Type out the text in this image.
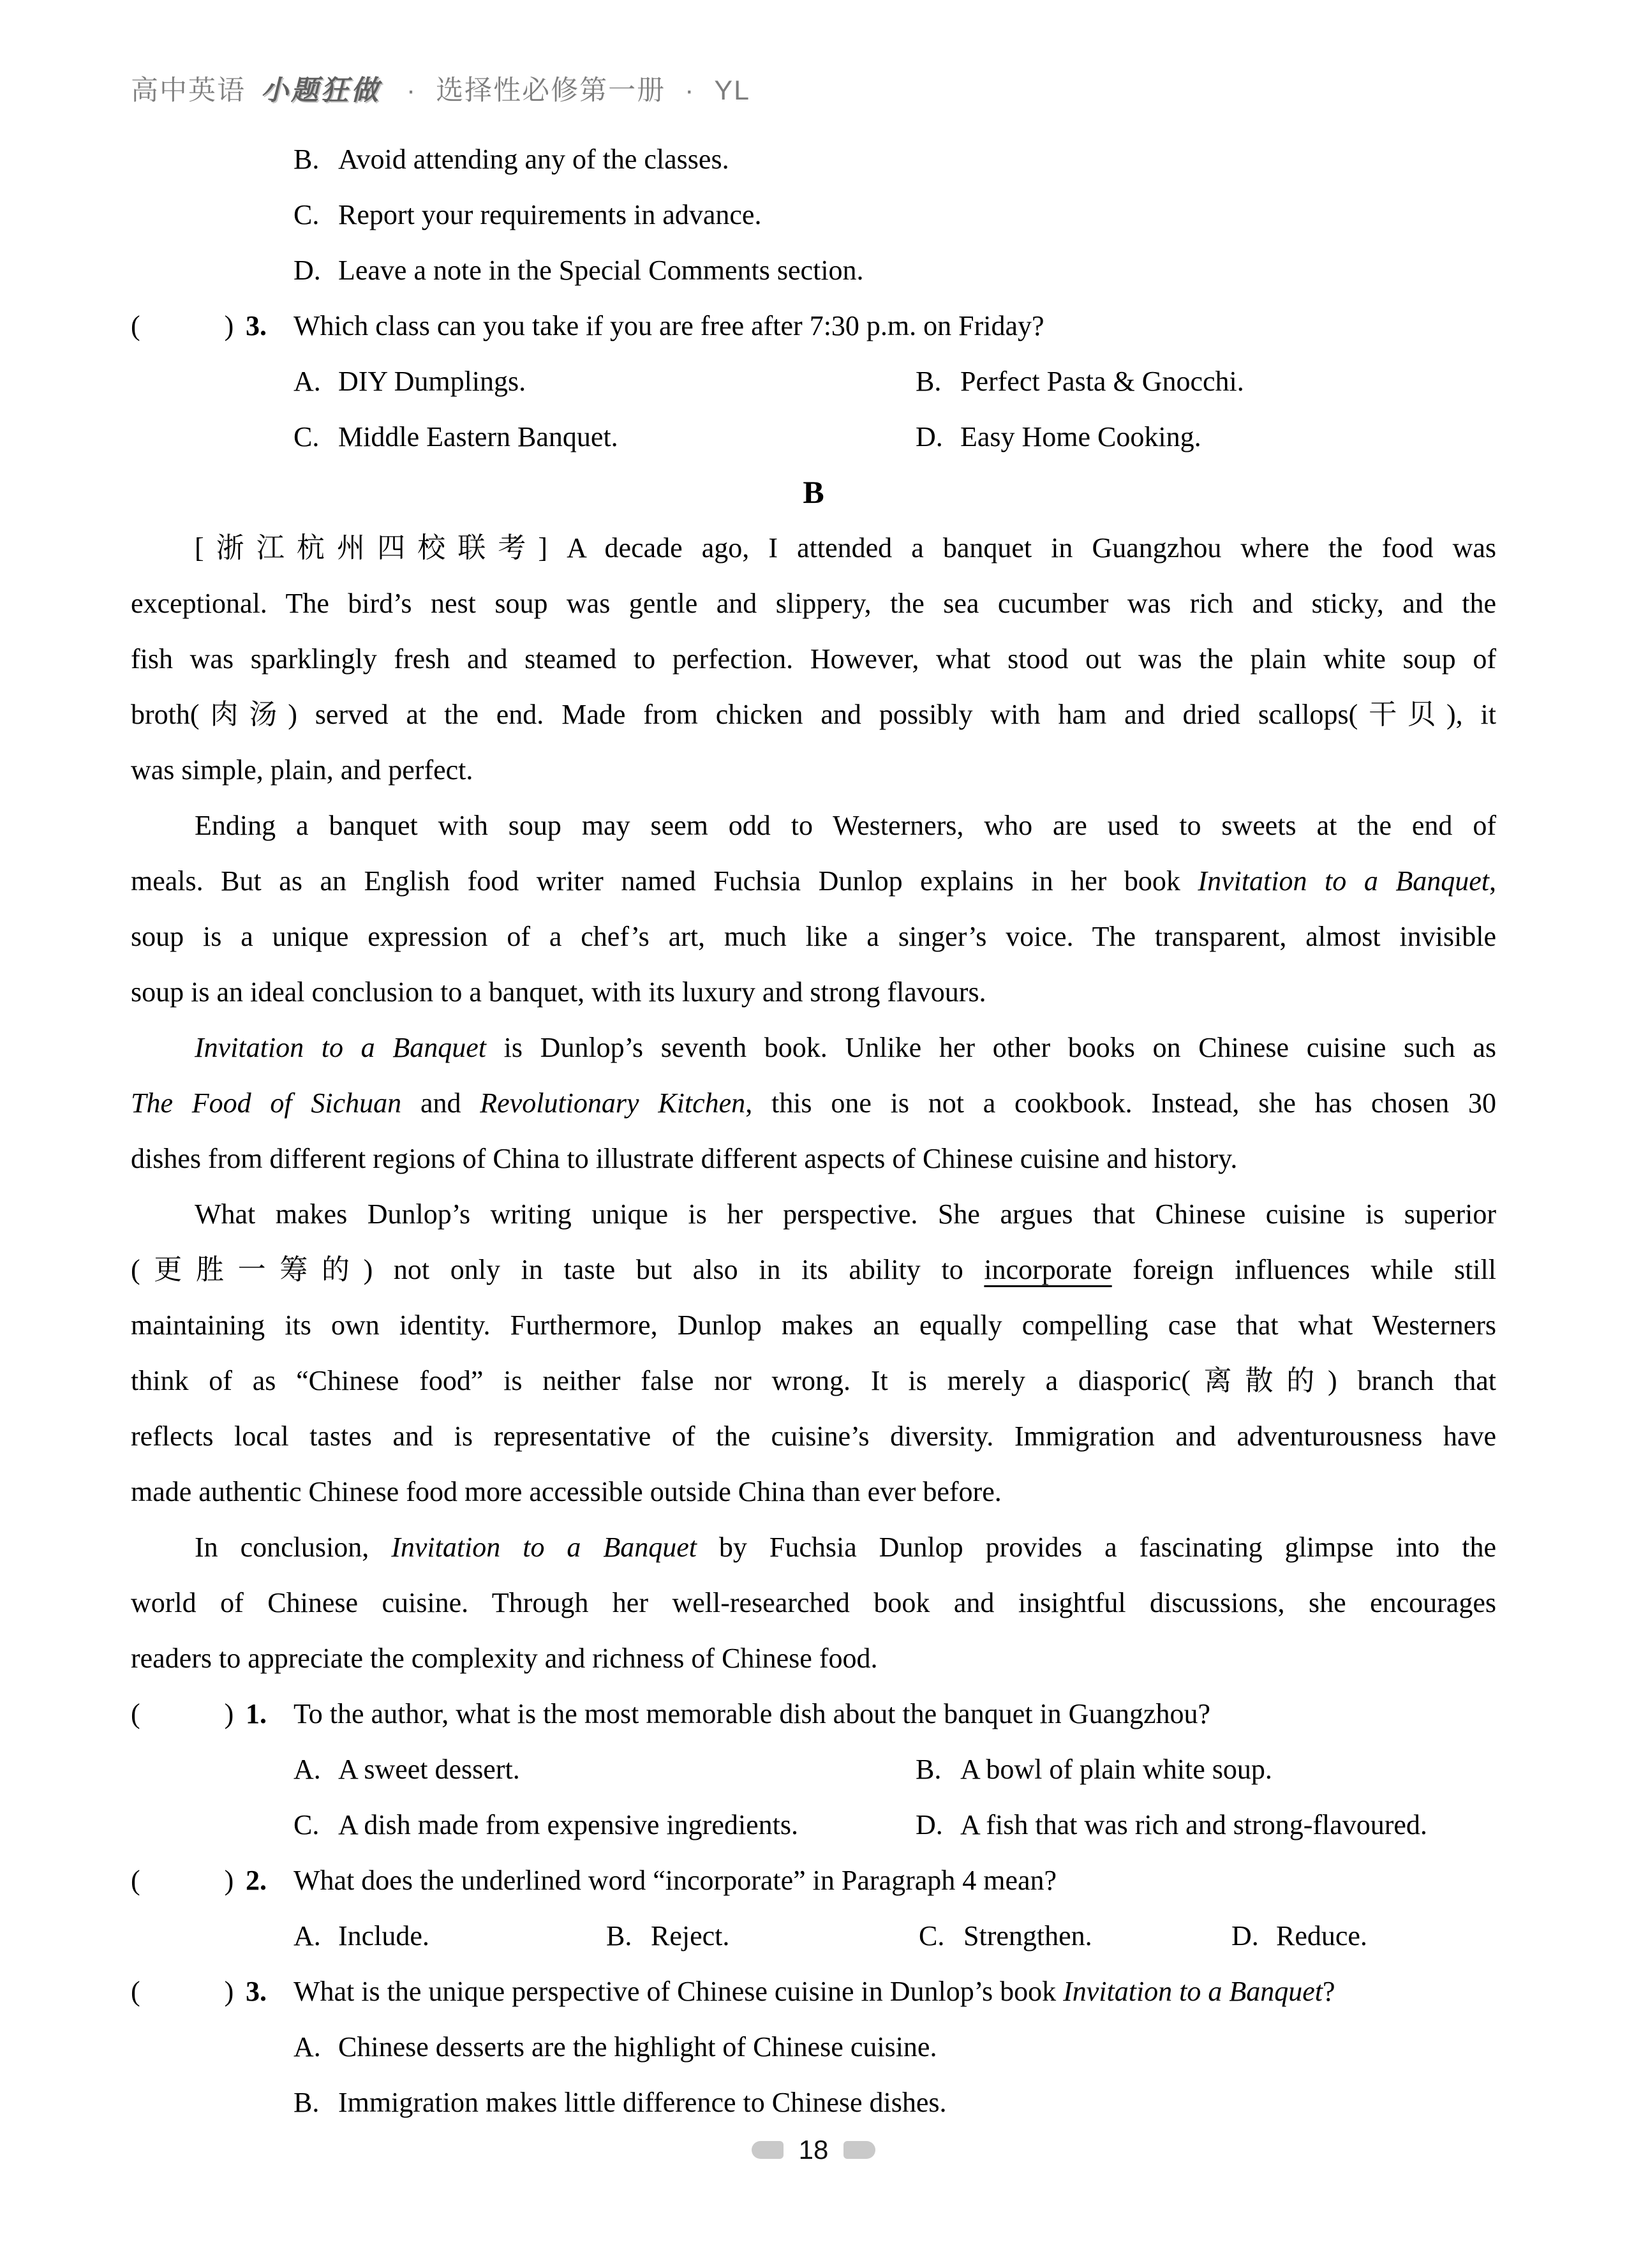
高中英语 小题狂做 · 选择性必修第一册 · YL
B. Avoid attending any of the classes.
C. Report your requirements in advance.
D. Leave a note in the Special Comments section.
(   ) 3. Which class can you take if you are free after 7:30 p.m. on Friday?
A. DIY Dumplings.	B. Perfect Pasta & Gnocchi.
C. Middle Eastern Banquet.	D. Easy Home Cooking.
B
[浙江杭州四校联考] A decade ago, I attended a banquet in Guangzhou where the food was
exceptional. The bird’s nest soup was gentle and slippery, the sea cucumber was rich and sticky, and the
fish was sparklingly fresh and steamed to perfection. However, what stood out was the plain white soup of
broth(肉汤) served at the end. Made from chicken and possibly with ham and dried scallops(干贝), it
was simple, plain, and perfect.
Ending a banquet with soup may seem odd to Westerners, who are used to sweets at the end of
meals. But as an English food writer named Fuchsia Dunlop explains in her book Invitation to a Banquet,
soup is a unique expression of a chef’s art, much like a singer’s voice. The transparent, almost invisible
soup is an ideal conclusion to a banquet, with its luxury and strong flavours.
Invitation to a Banquet is Dunlop’s seventh book. Unlike her other books on Chinese cuisine such as
The Food of Sichuan and Revolutionary Kitchen, this one is not a cookbook. Instead, she has chosen 30
dishes from different regions of China to illustrate different aspects of Chinese cuisine and history.
What makes Dunlop’s writing unique is her perspective. She argues that Chinese cuisine is superior
(更胜一筹的) not only in taste but also in its ability to incorporate foreign influences while still
maintaining its own identity. Furthermore, Dunlop makes an equally compelling case that what Westerners
think of as “Chinese food” is neither false nor wrong. It is merely a diasporic(离散的) branch that
reflects local tastes and is representative of the cuisine’s diversity. Immigration and adventurousness have
made authentic Chinese food more accessible outside China than ever before.
In conclusion, Invitation to a Banquet by Fuchsia Dunlop provides a fascinating glimpse into the
world of Chinese cuisine. Through her well-researched book and insightful discussions, she encourages
readers to appreciate the complexity and richness of Chinese food.
(   ) 1. To the author, what is the most memorable dish about the banquet in Guangzhou?
A. A sweet dessert.	B. A bowl of plain white soup.
C. A dish made from expensive ingredients.	D. A fish that was rich and strong-flavoured.
(   ) 2. What does the underlined word “incorporate” in Paragraph 4 mean?
A. Include.	B. Reject.	C. Strengthen.	D. Reduce.
(   ) 3. What is the unique perspective of Chinese cuisine in Dunlop’s book Invitation to a Banquet?
A. Chinese desserts are the highlight of Chinese cuisine.
B. Immigration makes little difference to Chinese dishes.
18
